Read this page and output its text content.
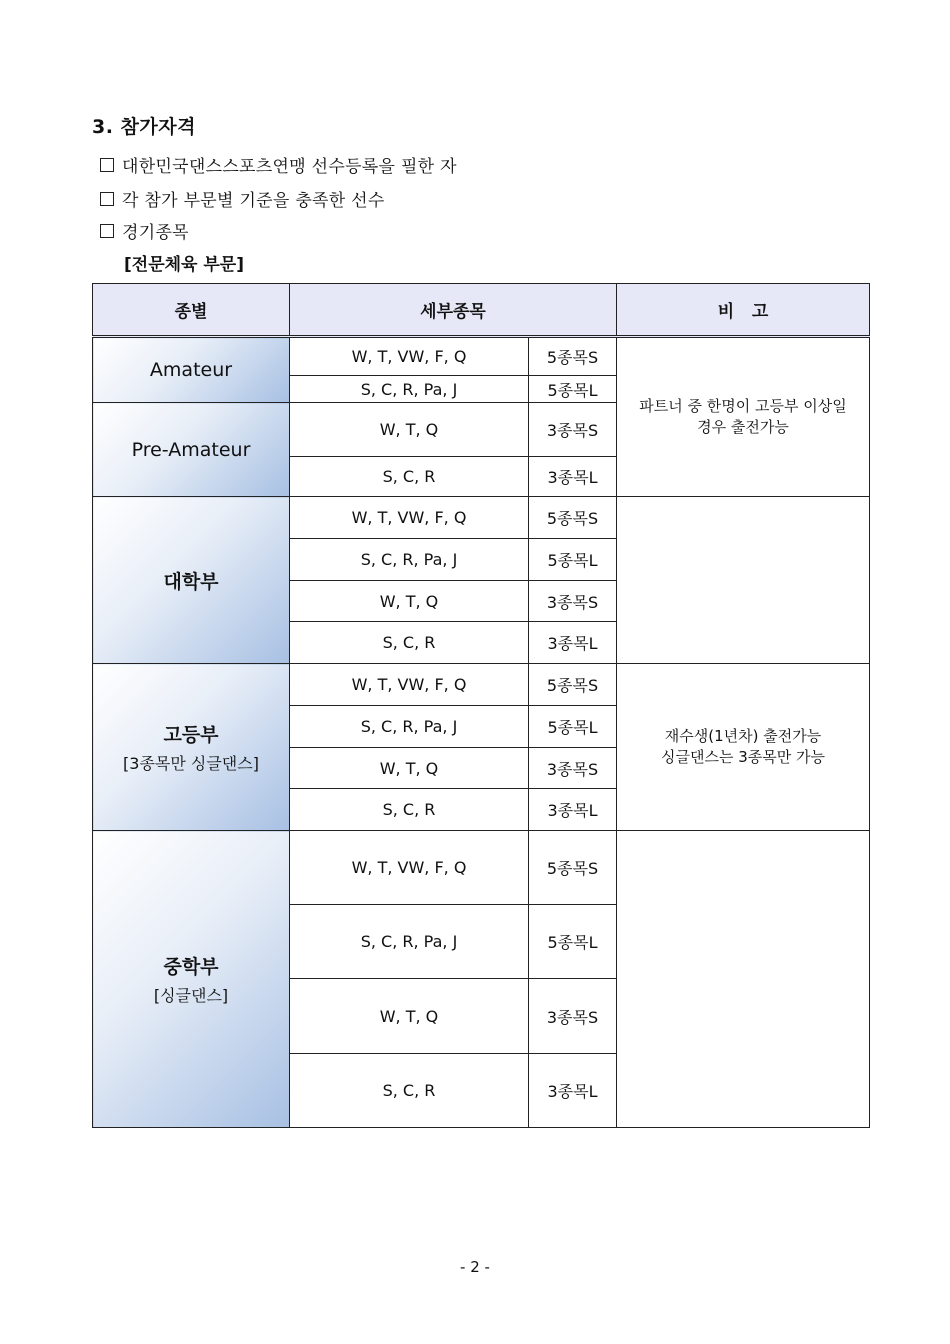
3. 참가자격
대한민국댄스스포츠연맹 선수등록을 필한 자
각 참가 부문별 기준을 충족한 선수
경기종목
[전문체육 부문]
종별	세부종목		비   고

Amateur	W, T, VW, F, Q	5종목S	파트너 중 한명이 고등부 이상일
경우 출전가능

	S, C, R, Pa, J	5종목L	

Pre-Amateur	W, T, Q	3종목S	
	S, C, R	3종목L	

대학부	W, T, VW, F, Q	5종목S	
	S, C, R, Pa, J	5종목L	
	W, T, Q	3종목S	
	S, C, R	3종목L	

고등부
[3종목만 싱글댄스]	W, T, VW, F, Q	5종목S	재수생(1년차) 출전가능
싱글댄스는 3종목만 가능

	S, C, R, Pa, J	5종목L	
	W, T, Q	3종목S	
	S, C, R	3종목L	

중학부
[싱글댄스]	W, T, VW, F, Q	5종목S	
	S, C, R, Pa, J	5종목L	
	W, T, Q	3종목S	
	S, C, R	3종목L	
- 2 -
